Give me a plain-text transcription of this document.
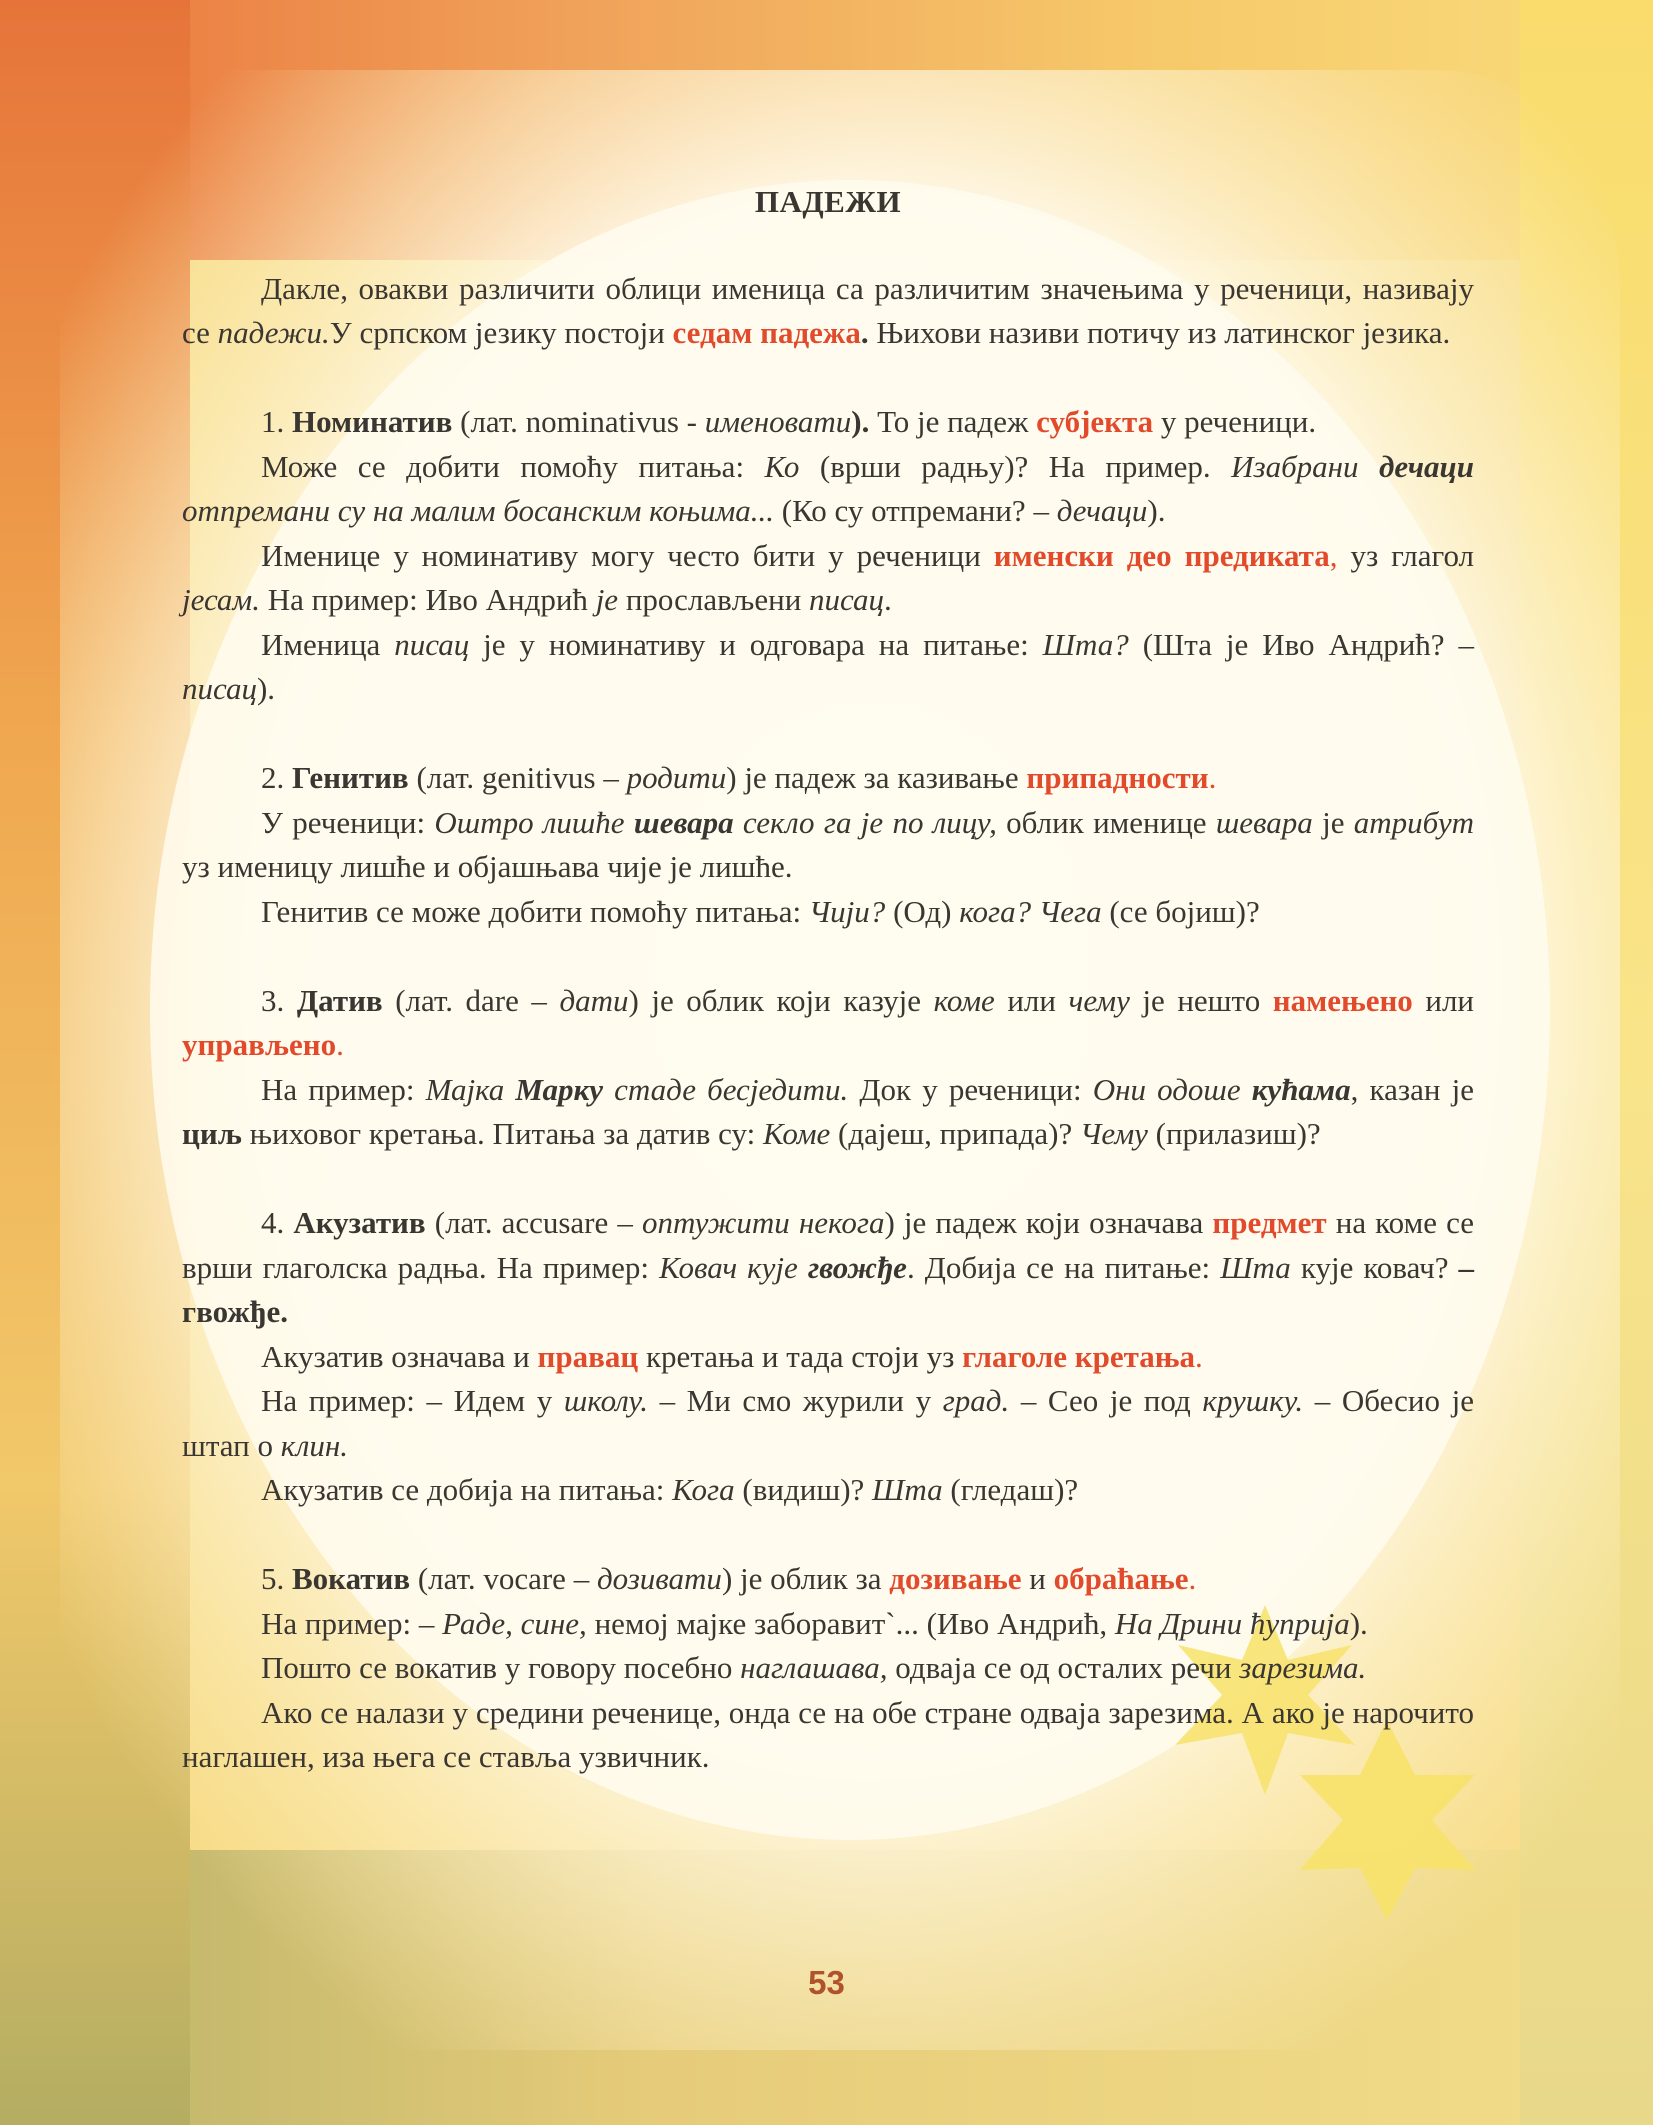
ПАДЕЖИ

Дакле, овакви различити облици именица са различитим значењима у реченици, називају се падежи.У српском језику постоји седам падежа. Њихови називи потичу из латинског језика.

1. Номинатив (лат. nominativus - именовати). То је падеж субјекта у реченици.

Може се добити помоћу питања: Ко (врши радњу)? На пример. Изабрани дечаци отпремани су на малим босанским коњима... (Ко су отпремани? – дечаци).

Именице у номинативу могу често бити у реченици именски део предиката, уз глагол јесам. На пример: Иво Андрић је прослављени писац.

Именица писац је у номинативу и одговара на питање: Шта? (Шта је Иво Андрић? – писац).

2. Генитив (лат. genitivus – родити) је падеж за казивање припадности.

У реченици: Оштро лишће шевара секло га је по лицу, облик именице шевара је атрибут уз именицу лишће и објашњава чије је лишће.

Генитив се може добити помоћу питања: Чији? (Од) кога? Чега (се бојиш)?

3. Датив (лат. dare – дати) је облик који казује коме или чему је нешто намењено или управљено.

На пример: Мајка Марку стаде бесједити. Док у реченици: Они одоше кућама, казан је циљ њиховог кретања. Питања за датив су: Коме (дајеш, припада)? Чему (прилазиш)?

4. Акузатив (лат. accusare – оптужити некога) је падеж који означава предмет на коме се врши глаголска радња. На пример: Ковач кује гвожђе. Добија се на питање: Шта кује ковач? – гвожђе.

Акузатив означава и правац кретања и тада стоји уз глаголе кретања.

На пример: – Идем у школу. – Ми смо журили у град. – Сео је под крушку. – Обесио је штап о клин.

Акузатив се добија на питања: Кога (видиш)? Шта (гледаш)?

5. Вокатив (лат. vocare – дозивати) је облик за дозивање и обраћање.

На пример: – Раде, сине, немој мајке заборавит`... (Иво Андрић, На Дрини ћуприја).

Пошто се вокатив у говору посебно наглашава, одваја се од осталих речи зарезима.

Ако се налази у средини реченице, онда се на обе стране одваја зарезима. А ако је нарочито наглашен, иза њега се ставља узвичник.

53
